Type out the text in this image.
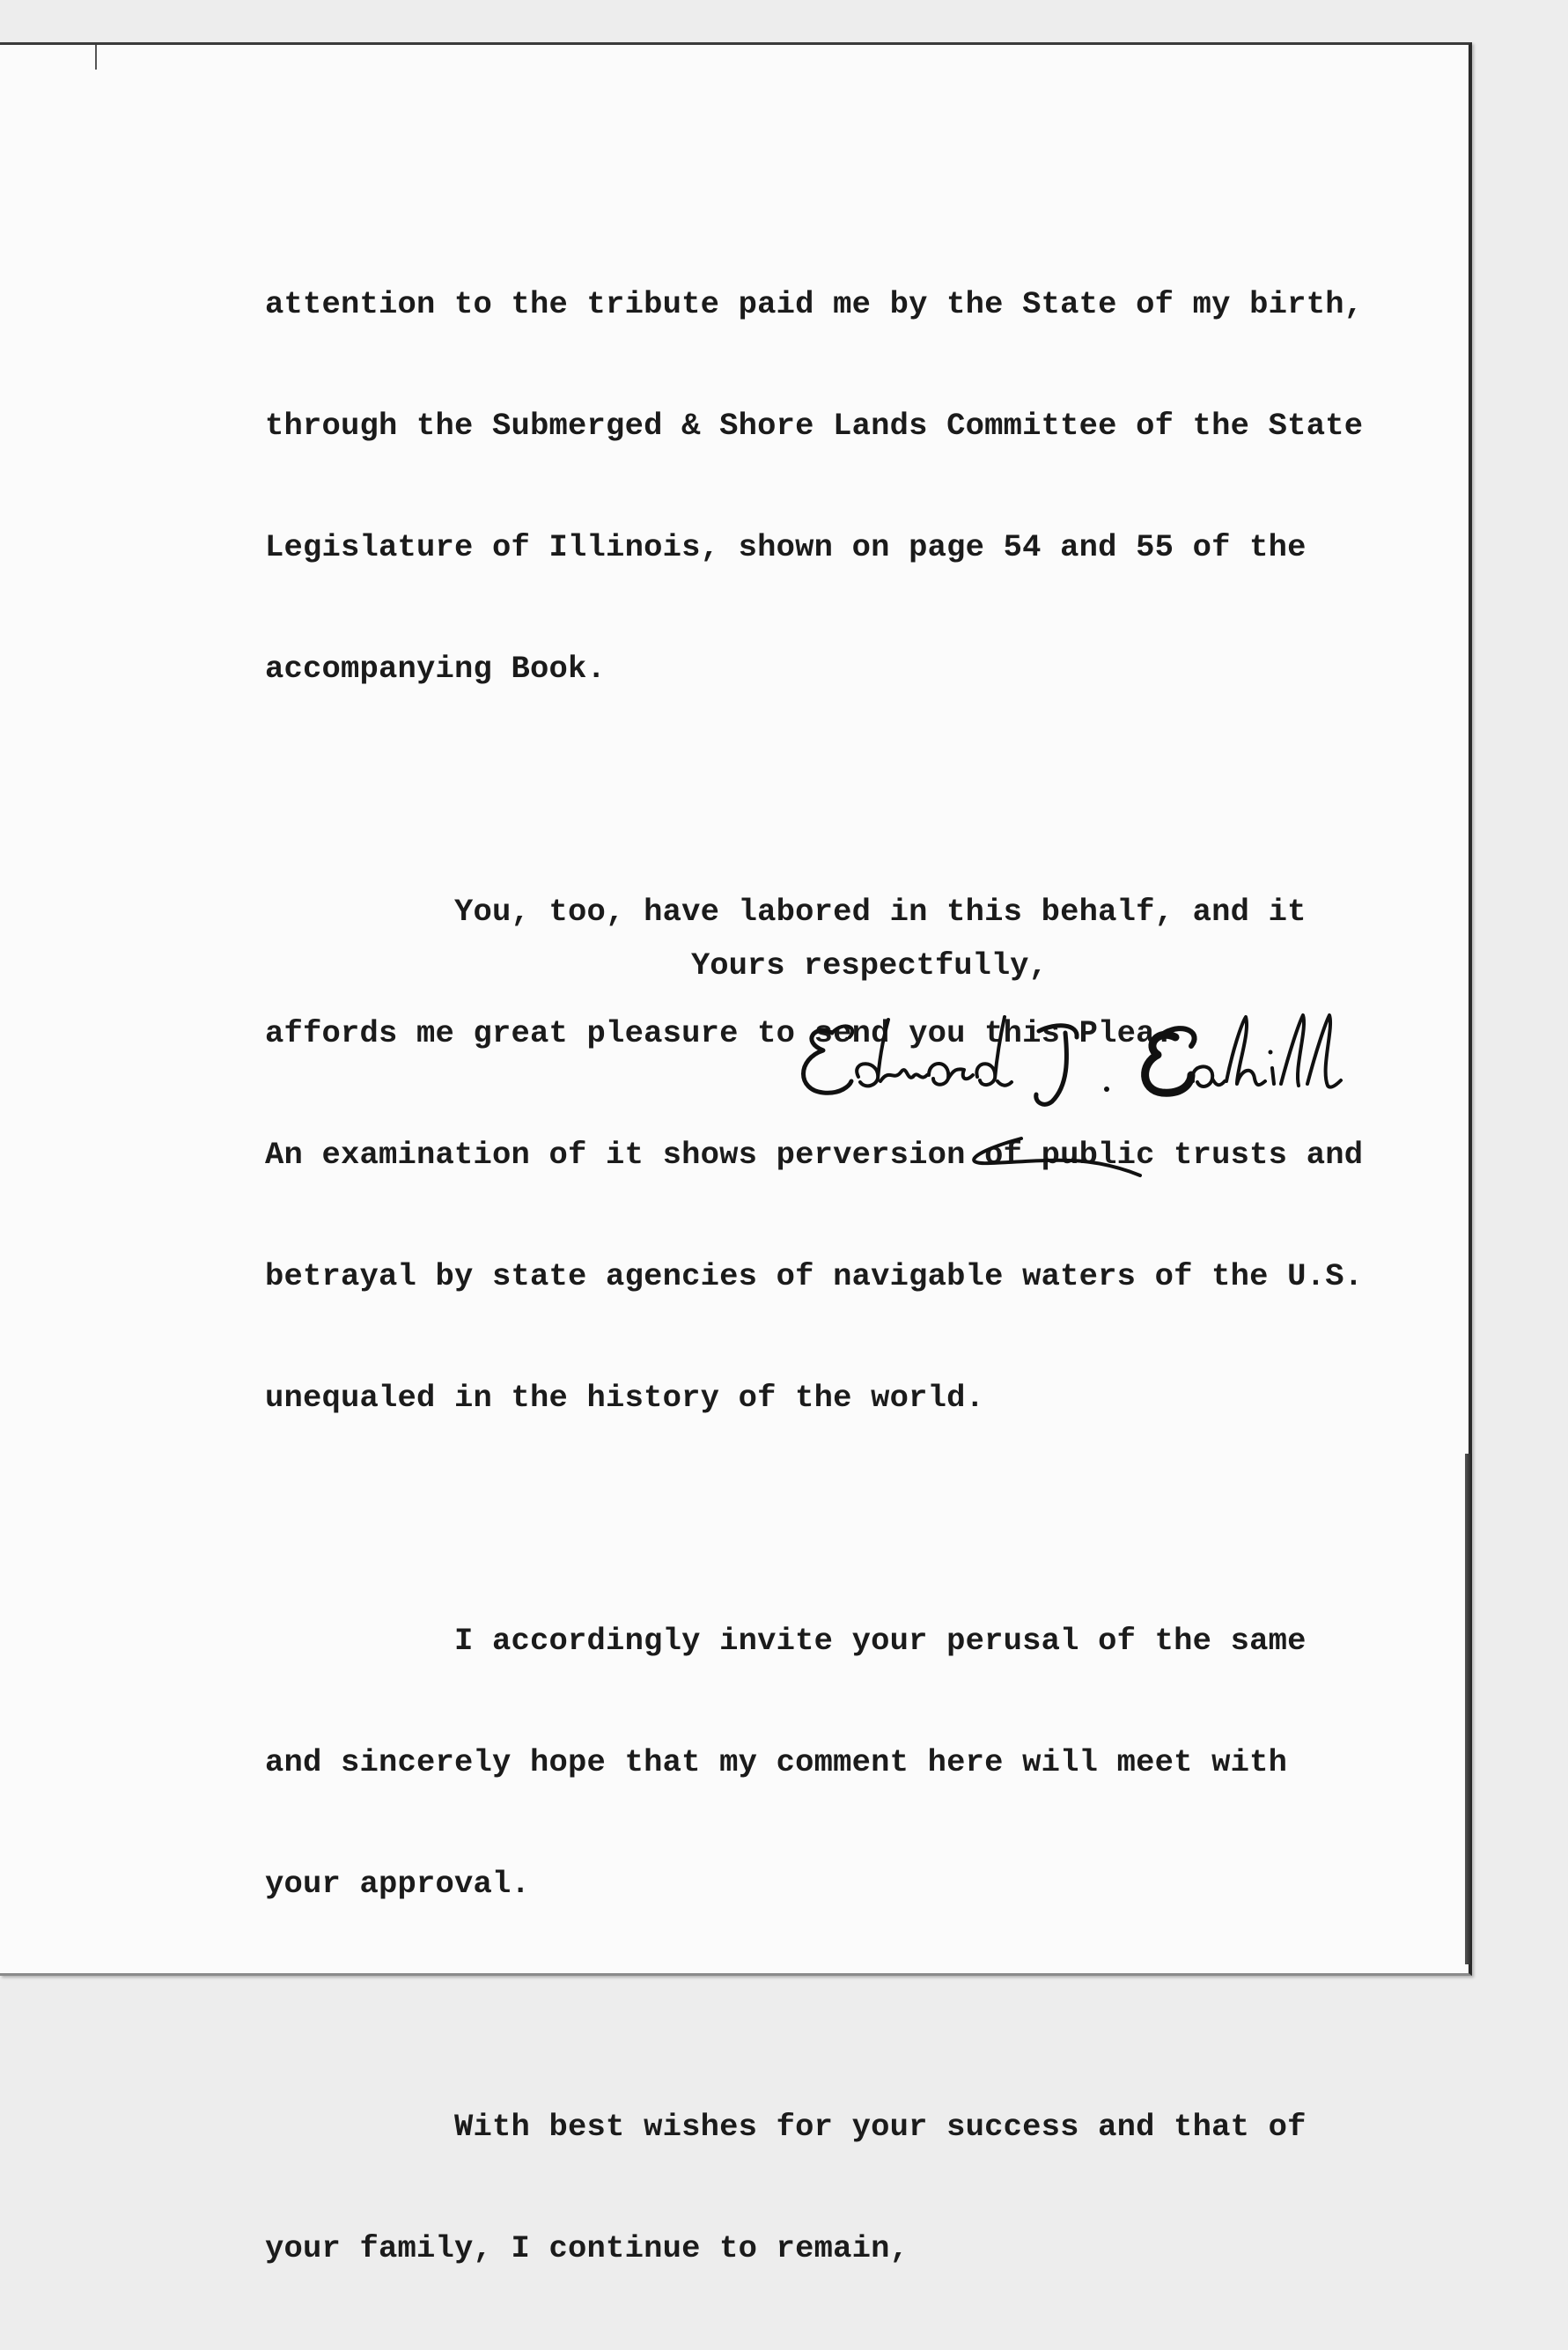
attention to the tribute paid me by the State of my birth,

through the Submerged & Shore Lands Committee of the State

Legislature of Illinois, shown on page 54 and 55 of the

accompanying Book.

You, too, have labored in this behalf, and it

affords me great pleasure to send you this Plea.

An examination of it shows perversion of public trusts and

betrayal by state agencies of navigable waters of the U.S.

unequaled in the history of the world.

I accordingly invite your perusal of the same

and sincerely hope that my comment here will meet with

your approval.

With best wishes for your success and that of

your family, I continue to remain,

Yours respectfully,
